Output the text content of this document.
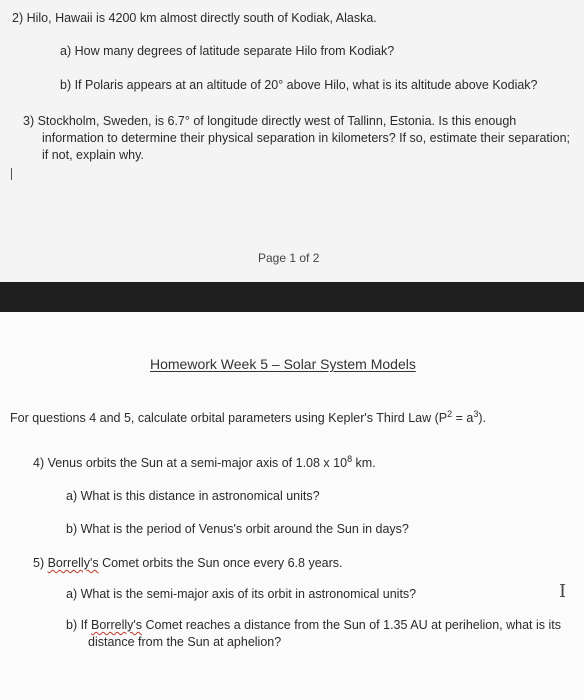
2) Hilo, Hawaii is 4200 km almost directly south of Kodiak, Alaska.
a) How many degrees of latitude separate Hilo from Kodiak?
b) If Polaris appears at an altitude of 20° above Hilo, what is its altitude above Kodiak?
3) Stockholm, Sweden, is 6.7° of longitude directly west of Tallinn, Estonia. Is this enough
information to determine their physical separation in kilometers? If so, estimate their separation;
if not, explain why.
Page 1 of 2
Homework Week 5 – Solar System Models
For questions 4 and 5, calculate orbital parameters using Kepler's Third Law $(P^2 = a^3)$.
4) Venus orbits the Sun at a semi-major axis of 1.08 x $10^8$ km.
a) What is this distance in astronomical units?
b) What is the period of Venus's orbit around the Sun in days?
5) Borrelly's Comet orbits the Sun once every 6.8 years.
a) What is the semi-major axis of its orbit in astronomical units?
b) If Borrelly's Comet reaches a distance from the Sun of 1.35 AU at perihelion, what is its
distance from the Sun at aphelion?
I
